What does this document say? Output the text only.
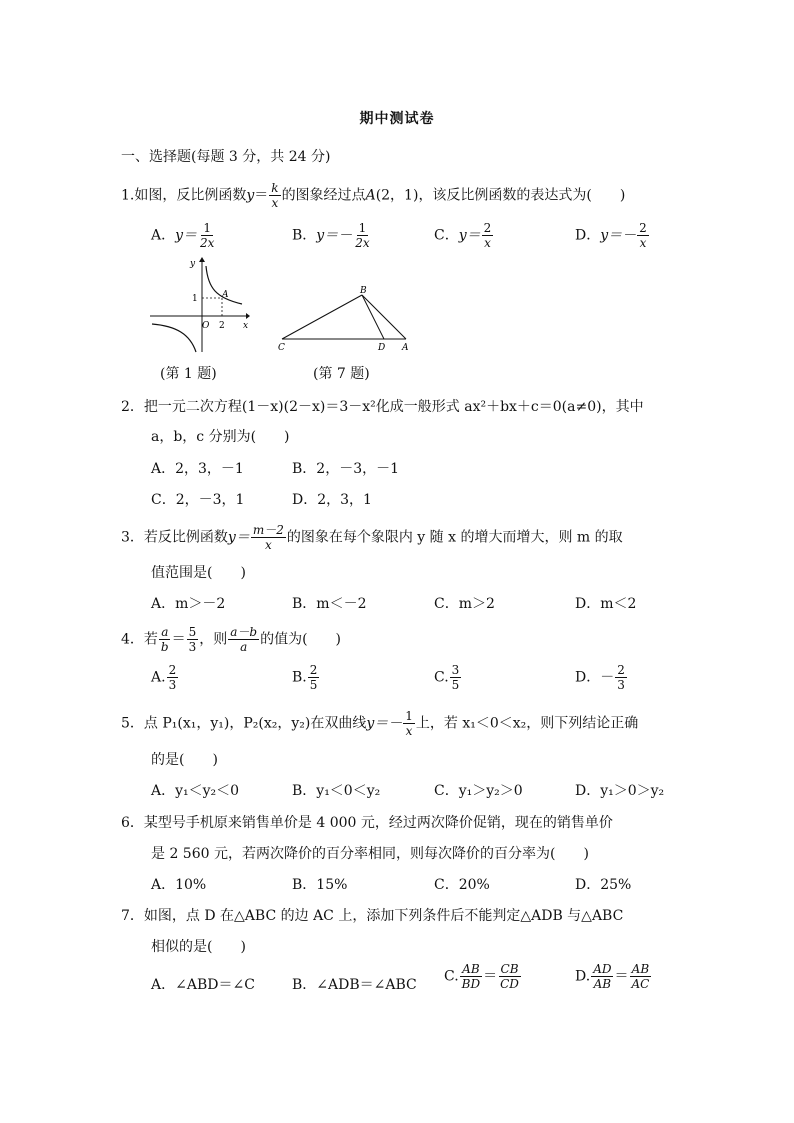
期中测试卷
一、选择题(每题 3 分，共 24 分)
1.如图，反比例函数$y= \frac{k}{x}$ 的图象经过点A(2，1)，该反比例函数的表达式为(　　)
A．$y= \frac{1}{2x}$	B．$y=- \frac{1}{2x}$	C．$y= \frac{2}{x}$	D．$y=- \frac{2}{x}$
y
x
O
1
2
A	B
C	D A
(第 1 题)	(第 7 题)
2．把一元二次方程(1－x)(2－x)＝3－x²化成一般形式 ax²＋bx＋c＝0(a≠0)，其中
a，b，c 分别为(　　)
A．2，3，－1	B．2，－3，－1
C．2，－3，1	D．2，3，1
3．若反比例函数$y= \frac{m-2}{x}$ 的图象在每个象限内 y 随 x 的增大而增大，则 m 的取
值范围是(　　)
A．m＞－2	B．m＜－2	C．m＞2	D．m＜2
4．若 $\frac{a}{b} = \frac{5}{3}$ ，则 $\frac{a-b}{a}$ 的值为(　　)
A. $\frac{2}{3}$	B. $\frac{2}{5}$	C. $\frac{3}{5}$	D．－ $\frac{2}{3}$
5．点 P₁(x₁，y₁)，P₂(x₂，y₂)在双曲线$y=- \frac{1}{x}$ 上，若 x₁＜0＜x₂，则下列结论正确
的是(　　)
A．y₁＜y₂＜0	B．y₁＜0＜y₂	C．y₁＞y₂＞0	D．y₁＞0＞y₂
6．某型号手机原来销售单价是 4 000 元，经过两次降价促销，现在的销售单价
是 2 560 元，若两次降价的百分率相同，则每次降价的百分率为(　　)
A．10%	B．15%	C．20%	D．25%
7．如图，点 D 在△ABC 的边 AC 上，添加下列条件后不能判定△ADB 与△ABC
相似的是(　　)
A．∠ABD＝∠C	B．∠ADB＝∠ABC
C. $\frac{AB}{BD} = \frac{CB}{CD}$	D. $\frac{AD}{AB} = \frac{AB}{AC}$
